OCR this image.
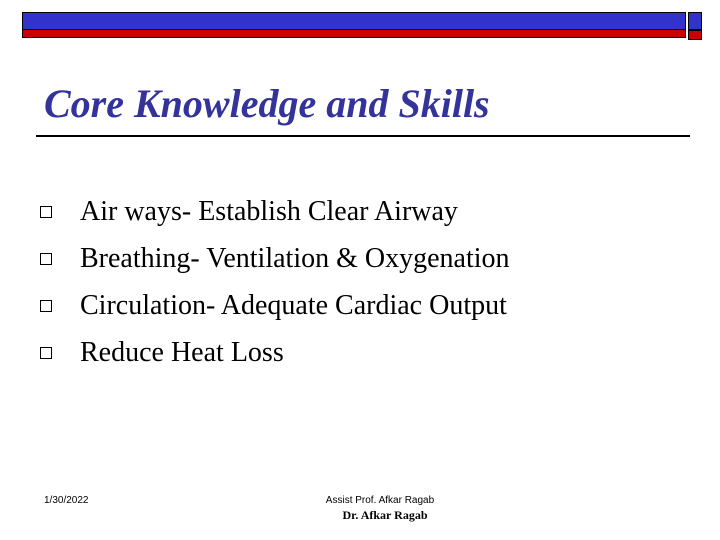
Core Knowledge and Skills
Air ways- Establish Clear Airway
Breathing- Ventilation & Oxygenation
Circulation- Adequate Cardiac Output
Reduce Heat Loss
1/30/2022	Assist Prof. Afkar Ragab
Dr. Afkar Ragab
